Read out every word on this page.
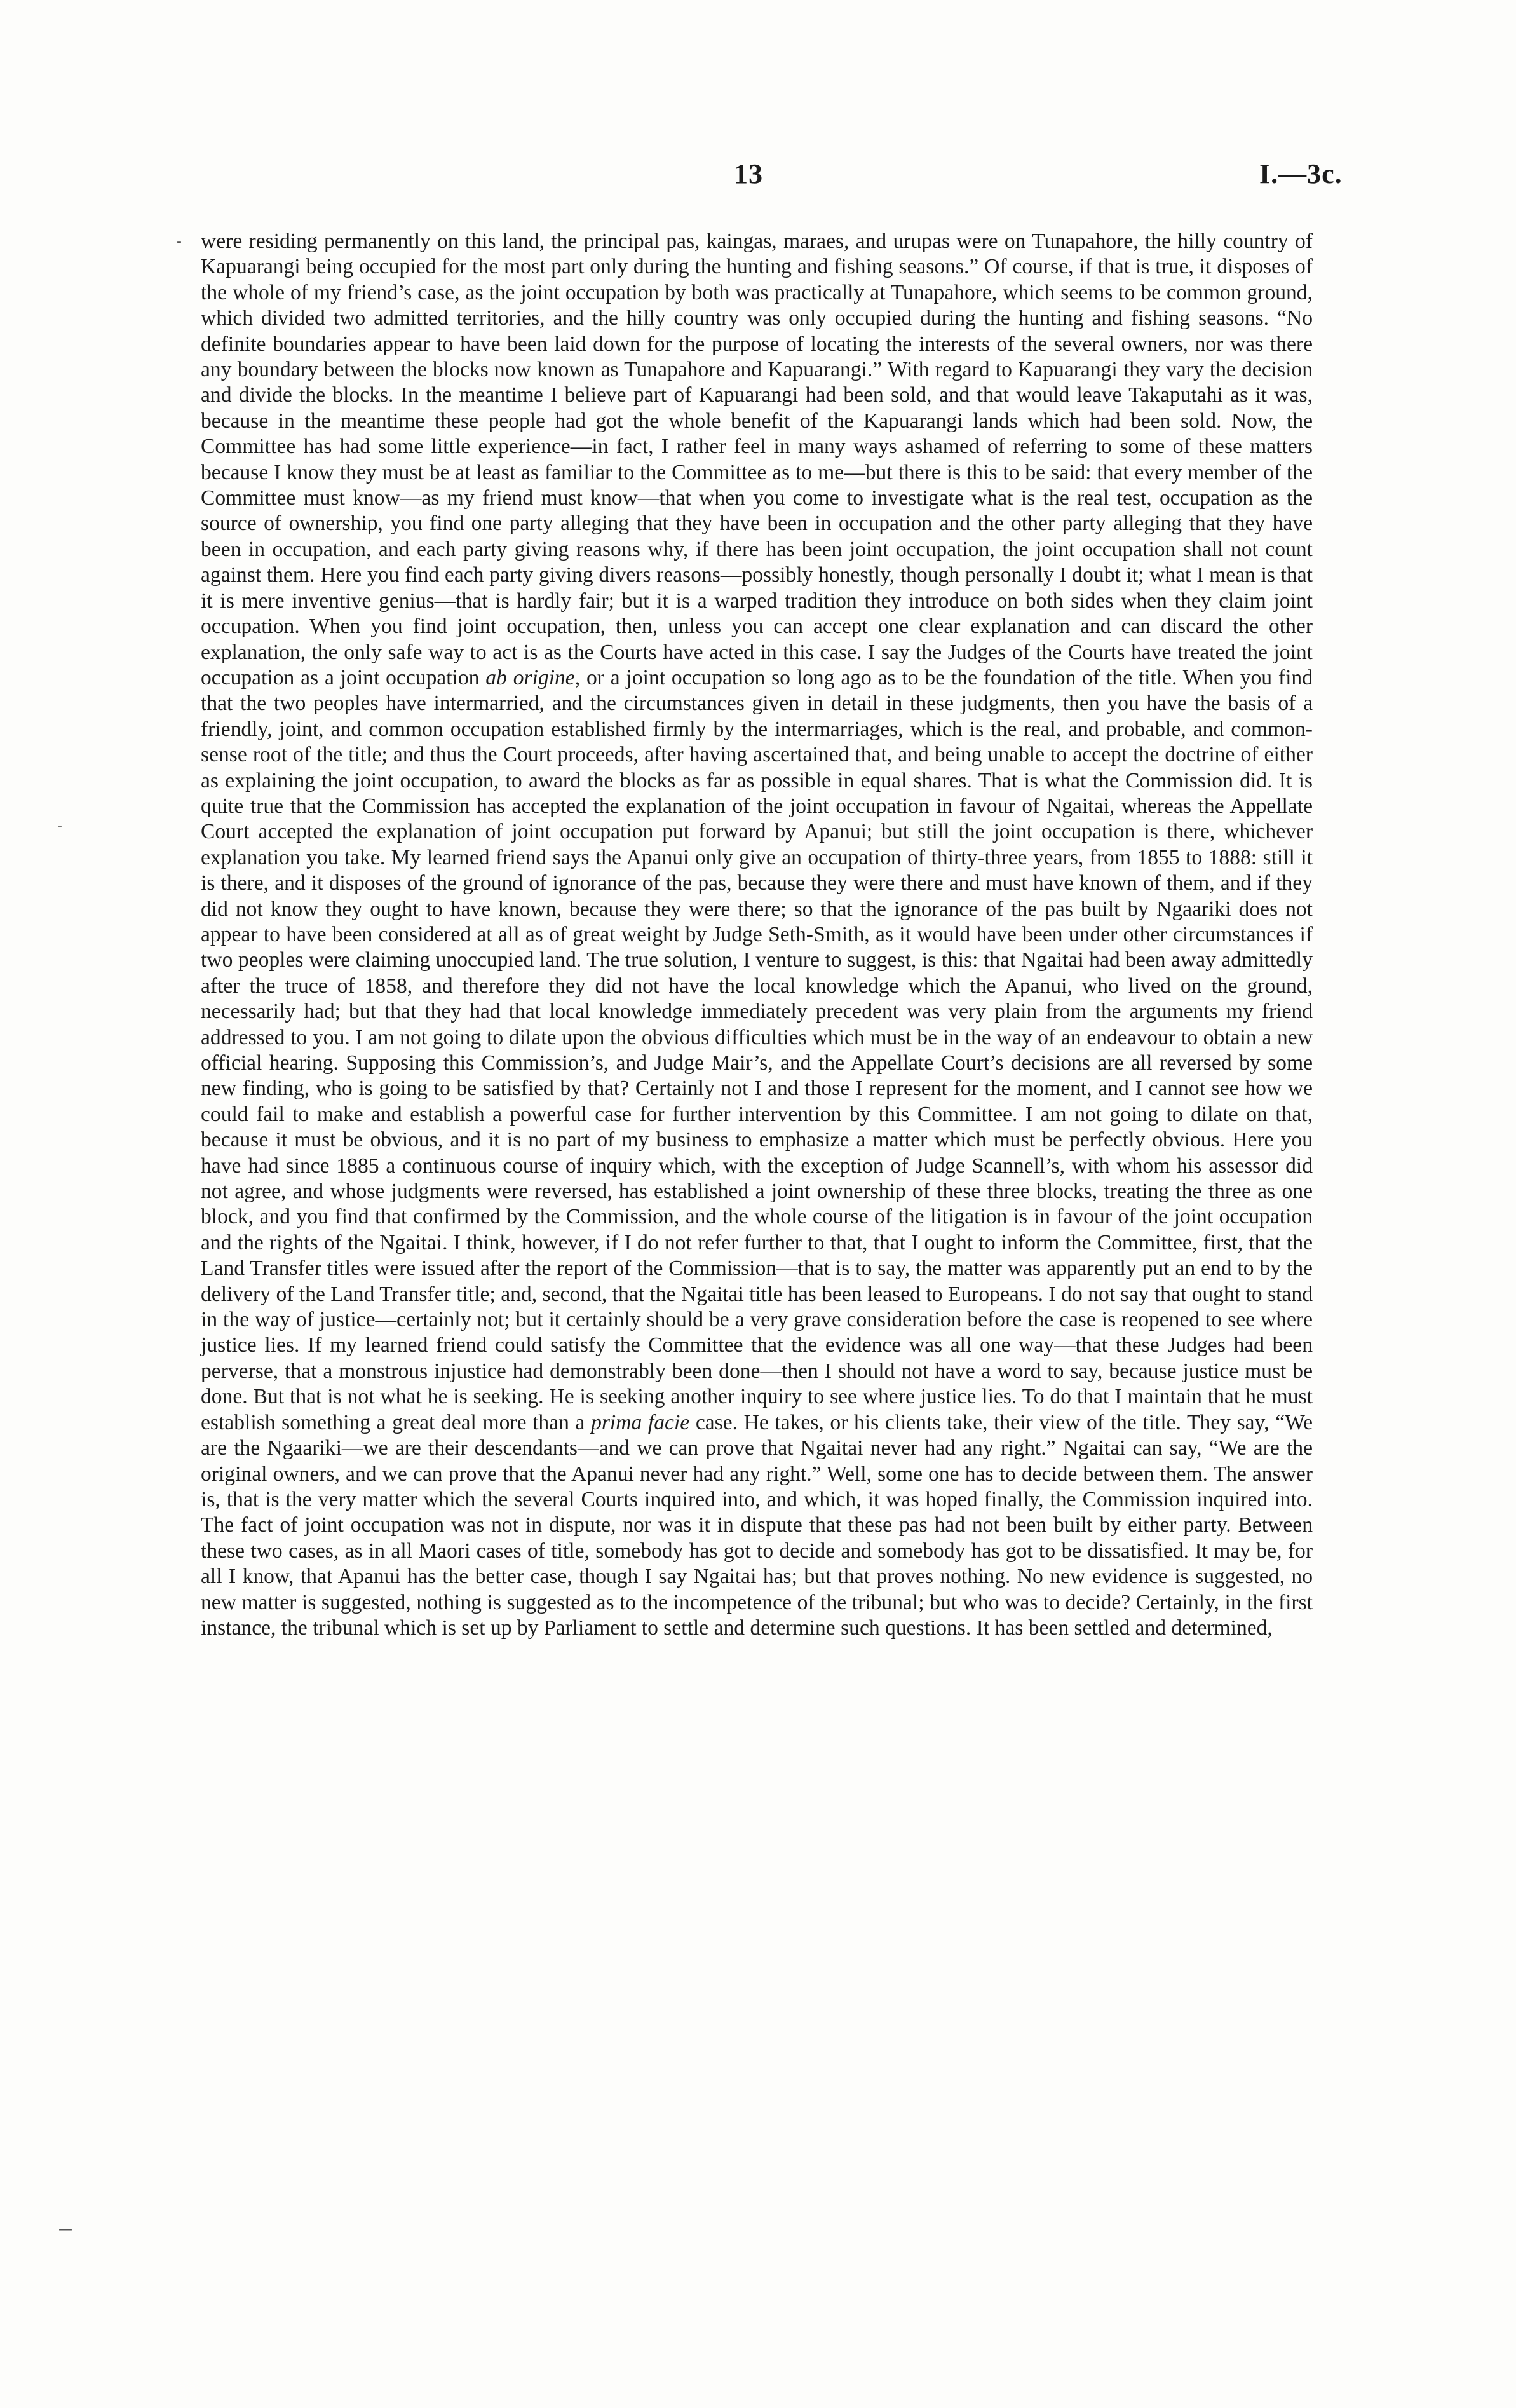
13	I.—3c.
-
-
—

were residing permanently on this land, the principal pas, kaingas, maraes, and urupas were on Tunapahore, the hilly country of Kapuarangi being occupied for the most part only during the hunting and fishing seasons.” Of course, if that is true, it disposes of the whole of my friend’s case, as the joint occupation by both was practically at Tunapahore, which seems to be common ground, which divided two admitted territories, and the hilly country was only occupied during the hunting and fishing seasons. “No definite boundaries appear to have been laid down for the purpose of locating the interests of the several owners, nor was there any boundary between the blocks now known as Tunapahore and Kapuarangi.” With regard to Kapuarangi they vary the decision and divide the blocks. In the meantime I believe part of Kapuarangi had been sold, and that would leave Takaputahi as it was, because in the meantime these people had got the whole benefit of the Kapuarangi lands which had been sold. Now, the Committee has had some little experience—in fact, I rather feel in many ways ashamed of referring to some of these matters because I know they must be at least as familiar to the Committee as to me—but there is this to be said: that every member of the Committee must know—as my friend must know—that when you come to investigate what is the real test, occupation as the source of ownership, you find one party alleging that they have been in occupation and the other party alleging that they have been in occupation, and each party giving reasons why, if there has been joint occupation, the joint occupation shall not count against them. Here you find each party giving divers reasons—possibly honestly, though personally I doubt it; what I mean is that it is mere inventive genius—that is hardly fair; but it is a warped tradition they introduce on both sides when they claim joint occupation. When you find joint occupation, then, unless you can accept one clear explanation and can discard the other explanation, the only safe way to act is as the Courts have acted in this case. I say the Judges of the Courts have treated the joint occupation as a joint occupation ab origine, or a joint occupation so long ago as to be the foundation of the title. When you find that the two peoples have intermarried, and the circumstances given in detail in these judgments, then you have the basis of a friendly, joint, and common occupation established firmly by the intermarriages, which is the real, and probable, and common-sense root of the title; and thus the Court proceeds, after having ascertained that, and being unable to accept the doctrine of either as explaining the joint occupation, to award the blocks as far as possible in equal shares. That is what the Commission did. It is quite true that the Commission has accepted the explanation of the joint occupation in favour of Ngaitai, whereas the Appellate Court accepted the explanation of joint occupation put forward by Apanui; but still the joint occupation is there, whichever explanation you take. My learned friend says the Apanui only give an occupation of thirty-three years, from 1855 to 1888: still it is there, and it disposes of the ground of ignorance of the pas, because they were there and must have known of them, and if they did not know they ought to have known, because they were there; so that the ignorance of the pas built by Ngaariki does not appear to have been considered at all as of great weight by Judge Seth-Smith, as it would have been under other circumstances if two peoples were claiming unoccupied land. The true solution, I venture to suggest, is this: that Ngaitai had been away admittedly after the truce of 1858, and therefore they did not have the local knowledge which the Apanui, who lived on the ground, necessarily had; but that they had that local knowledge immediately precedent was very plain from the arguments my friend addressed to you. I am not going to dilate upon the obvious difficulties which must be in the way of an endeavour to obtain a new official hearing. Supposing this Commission’s, and Judge Mair’s, and the Appellate Court’s decisions are all reversed by some new finding, who is going to be satisfied by that? Certainly not I and those I represent for the moment, and I cannot see how we could fail to make and establish a powerful case for further intervention by this Committee. I am not going to dilate on that, because it must be obvious, and it is no part of my business to emphasize a matter which must be perfectly obvious. Here you have had since 1885 a continuous course of inquiry which, with the exception of Judge Scannell’s, with whom his assessor did not agree, and whose judgments were reversed, has established a joint ownership of these three blocks, treating the three as one block, and you find that confirmed by the Commission, and the whole course of the litigation is in favour of the joint occupation and the rights of the Ngaitai. I think, however, if I do not refer further to that, that I ought to inform the Committee, first, that the Land Transfer titles were issued after the report of the Commission—that is to say, the matter was apparently put an end to by the delivery of the Land Transfer title; and, second, that the Ngaitai title has been leased to Europeans. I do not say that ought to stand in the way of justice—certainly not; but it certainly should be a very grave consideration before the case is reopened to see where justice lies. If my learned friend could satisfy the Committee that the evidence was all one way—that these Judges had been perverse, that a monstrous injustice had demonstrably been done—then I should not have a word to say, because justice must be done. But that is not what he is seeking. He is seeking another inquiry to see where justice lies. To do that I maintain that he must establish something a great deal more than a prima facie case. He takes, or his clients take, their view of the title. They say, “We are the Ngaariki—we are their descendants—and we can prove that Ngaitai never had any right.” Ngaitai can say, “We are the original owners, and we can prove that the Apanui never had any right.” Well, some one has to decide between them. The answer is, that is the very matter which the several Courts inquired into, and which, it was hoped finally, the Commission inquired into. The fact of joint occupation was not in dispute, nor was it in dispute that these pas had not been built by either party. Between these two cases, as in all Maori cases of title, somebody has got to decide and somebody has got to be dissatisfied. It may be, for all I know, that Apanui has the better case, though I say Ngaitai has; but that proves nothing. No new evidence is suggested, no new matter is suggested, nothing is suggested as to the incompetence of the tribunal; but who was to decide? Certainly, in the first instance, the tribunal which is set up by Parliament to settle and determine such questions. It has been settled and determined,
